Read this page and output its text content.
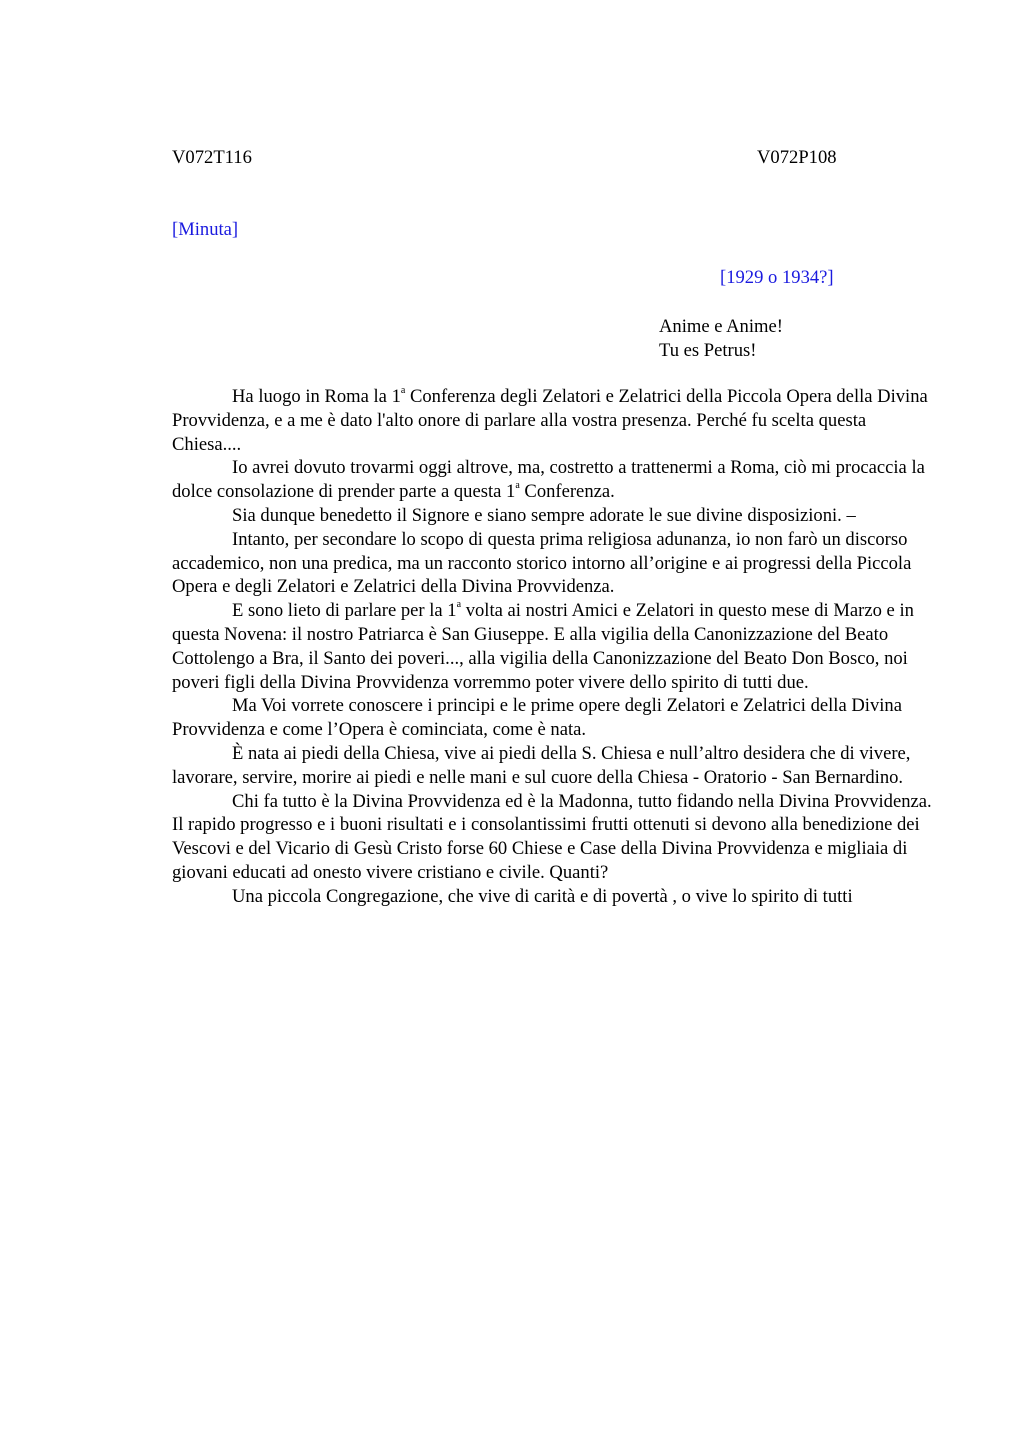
V072T116	V072P108
[Minuta]
[1929 o 1934?]
Anime e Anime!
Tu es Petrus!

Ha luogo in Roma la 1$^a$ Conferenza degli Zelatori e Zelatrici della Piccola Opera della Divina Provvidenza, e a me è dato l'alto onore di parlare alla vostra presenza. Perché fu scelta questa Chiesa....

Io avrei dovuto trovarmi oggi altrove, ma, costretto a trattenermi a Roma, ciò mi procaccia la dolce consolazione di prender parte a questa 1$^a$ Conferenza.

Sia dunque benedetto il Signore e siano sempre adorate le sue divine disposizioni. –

Intanto, per secondare lo scopo di questa prima religiosa adunanza, io non farò un discorso accademico, non una predica, ma un racconto storico intorno all’origine e ai progressi della Piccola Opera e degli Zelatori e Zelatrici della Divina Provvidenza.

E sono lieto di parlare per la 1$^a$ volta ai nostri Amici e Zelatori in questo mese di Marzo e in questa Novena: il nostro Patriarca è San Giuseppe. E alla vigilia della Canonizzazione del Beato Cottolengo a Bra, il Santo dei poveri..., alla vigilia della Canonizzazione del Beato Don Bosco, noi poveri figli della Divina Provvidenza vorremmo poter vivere dello spirito di tutti due.

Ma Voi vorrete conoscere i principi e le prime opere degli Zelatori e Zelatrici della Divina Provvidenza e come l’Opera è cominciata, come è nata.

È nata ai piedi della Chiesa, vive ai piedi della S. Chiesa e null’altro desidera che di vivere, lavorare, servire, morire ai piedi e nelle mani e sul cuore della Chiesa - Oratorio - San Bernardino.

Chi fa tutto è la Divina Provvidenza ed è la Madonna, tutto fidando nella Divina Provvidenza. Il rapido progresso e i buoni risultati e i consolantissimi frutti ottenuti si devono alla benedizione dei Vescovi e del Vicario di Gesù Cristo forse 60 Chiese e Case della Divina Provvidenza e migliaia di giovani educati ad onesto vivere cristiano e civile. Quanti?

Una piccola Congregazione, che vive di carità e di povertà , o vive lo spirito di tutti
